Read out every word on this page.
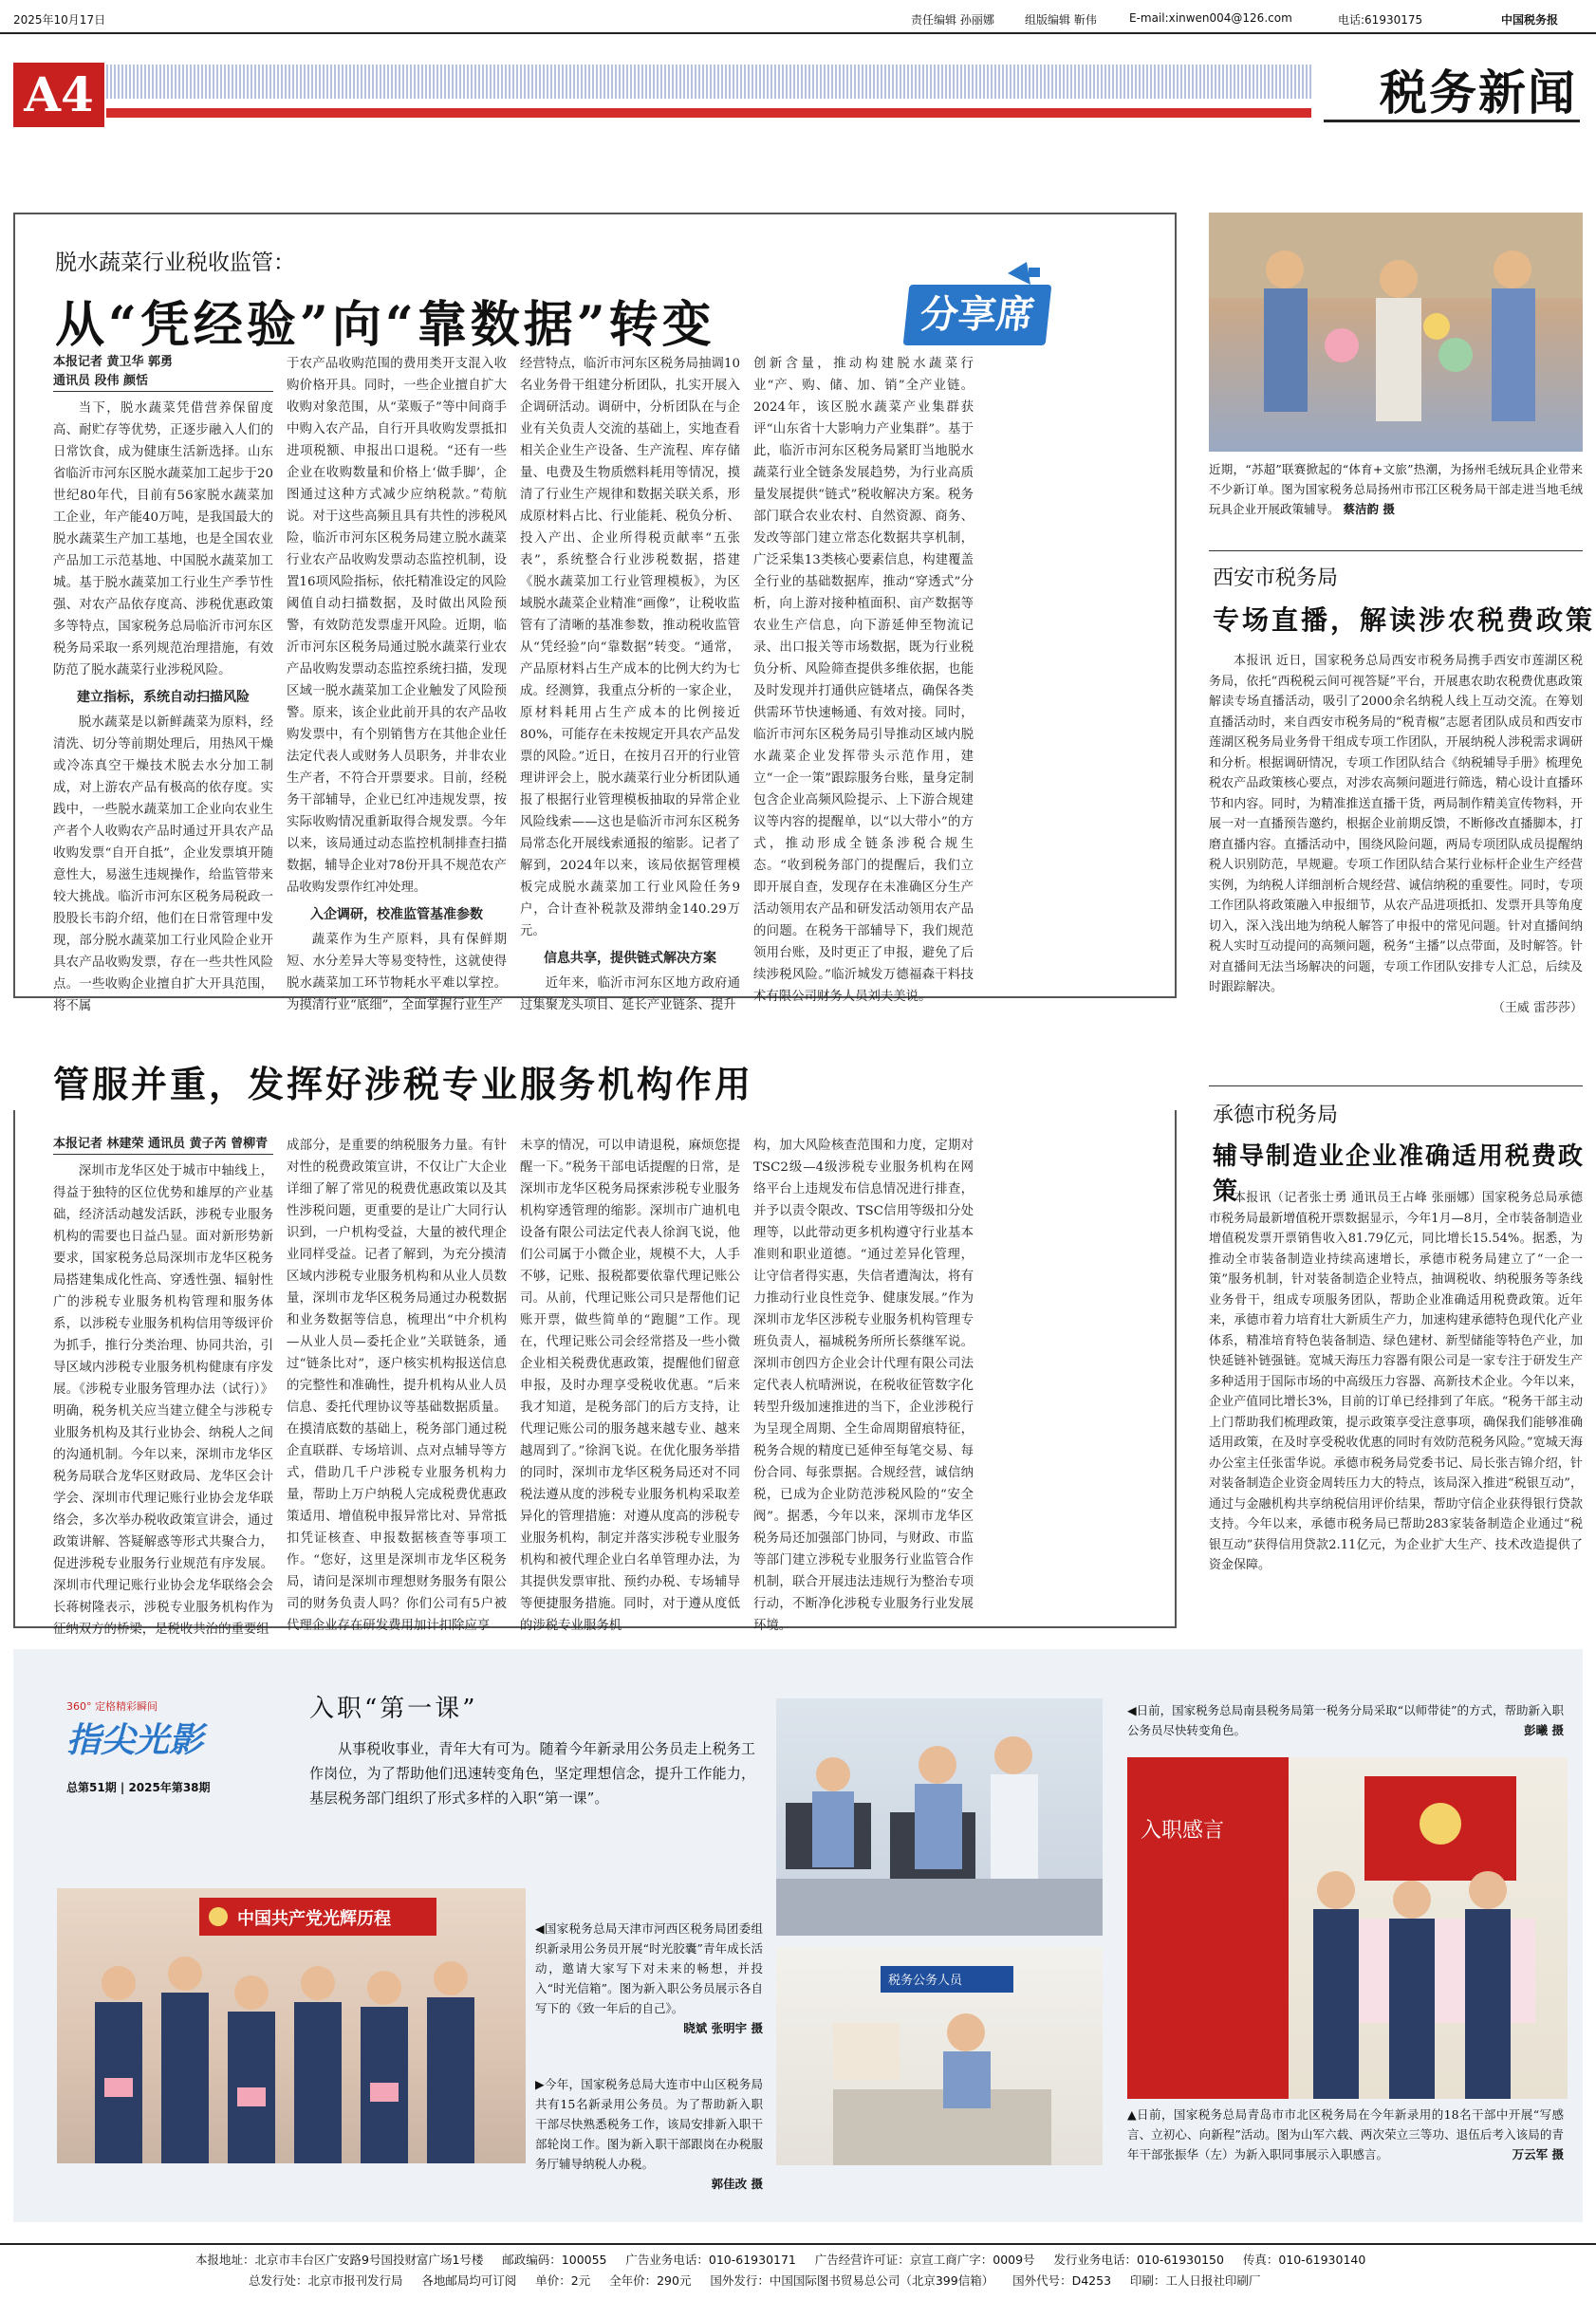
2025年10月17日	责任编辑 孙丽娜	组版编辑 靳伟	E-mail:xinwen004@126.com	电话:61930175	中国税务报
A4	税务新闻
脱水蔬菜行业税收监管：
从“凭经验”向“靠数据”转变	分享席
本报记者 黄卫华 郭勇
通讯员 段伟 颜恬

当下，脱水蔬菜凭借营养保留度高、耐贮存等优势，正逐步融入人们的日常饮食，成为健康生活新选择。山东省临沂市河东区脱水蔬菜加工起步于20世纪80年代，目前有56家脱水蔬菜加工企业，年产能40万吨，是我国最大的脱水蔬菜生产加工基地，也是全国农业产品加工示范基地、中国脱水蔬菜加工城。基于脱水蔬菜加工行业生产季节性强、对农产品依存度高、涉税优惠政策多等特点，国家税务总局临沂市河东区税务局采取一系列规范治理措施，有效防范了脱水蔬菜行业涉税风险。

建立指标，系统自动扫描风险

脱水蔬菜是以新鲜蔬菜为原料，经清洗、切分等前期处理后，用热风干燥或冷冻真空干燥技术脱去水分加工制成，对上游农产品有极高的依存度。实践中，一些脱水蔬菜加工企业向农业生产者个人收购农产品时通过开具农产品收购发票“自开自抵”，企业发票填开随意性大，易滋生违规操作，给监管带来较大挑战。临沂市河东区税务局税政一股股长韦韵介绍，他们在日常管理中发现，部分脱水蔬菜加工行业风险企业开具农产品收购发票，存在一些共性风险点。一些收购企业擅自扩大开具范围，将不属

于农产品收购范围的费用类开支混入收购价格开具。同时，一些企业擅自扩大收购对象范围，从“菜贩子”等中间商手中购入农产品，自行开具收购发票抵扣进项税额、申报出口退税。“还有一些企业在收购数量和价格上‘做手脚’，企图通过这种方式减少应纳税款。”荀航说。对于这些高频且具有共性的涉税风险，临沂市河东区税务局建立脱水蔬菜行业农产品收购发票动态监控机制，设置16项风险指标，依托精准设定的风险阈值自动扫描数据，及时做出风险预警，有效防范发票虚开风险。近期，临沂市河东区税务局通过脱水蔬菜行业农产品收购发票动态监控系统扫描，发现区域一脱水蔬菜加工企业触发了风险预警。原来，该企业此前开具的农产品收购发票中，有个别销售方在其他企业任法定代表人或财务人员职务，并非农业生产者，不符合开票要求。目前，经税务干部辅导，企业已红冲违规发票，按实际收购情况重新取得合规发票。今年以来，该局通过动态监控机制排查扫描数据，辅导企业对78份开具不规范农产品收购发票作红冲处理。

入企调研，校准监管基准参数

蔬菜作为生产原料，具有保鲜期短、水分差异大等易变特性，这就使得脱水蔬菜加工环节物耗水平难以掌控。为摸清行业“底细”，全面掌握行业生产

经营特点，临沂市河东区税务局抽调10名业务骨干组建分析团队，扎实开展入企调研活动。调研中，分析团队在与企业有关负责人交流的基础上，实地查看相关企业生产设备、生产流程、库存储量、电费及生物质燃料耗用等情况，摸清了行业生产规律和数据关联关系，形成原材料占比、行业能耗、税负分析、投入产出、企业所得税贡献率“五张表”，系统整合行业涉税数据，搭建《脱水蔬菜加工行业管理模板》，为区域脱水蔬菜企业精准“画像”，让税收监管有了清晰的基准参数，推动税收监管从“凭经验”向“靠数据”转变。“通常，产品原材料占生产成本的比例大约为七成。经测算，我重点分析的一家企业，原材料耗用占生产成本的比例接近80%，可能存在未按规定开具农产品发票的风险。”近日，在按月召开的行业管理讲评会上，脱水蔬菜行业分析团队通报了根据行业管理模板抽取的异常企业风险线索——这也是临沂市河东区税务局常态化开展线索通报的缩影。记者了解到，2024年以来，该局依据管理模板完成脱水蔬菜加工行业风险任务9户，合计查补税款及滞纳金140.29万元。

信息共享，提供链式解决方案

近年来，临沂市河东区地方政府通过集聚龙头项目、延长产业链条、提升

创新含量，推动构建脱水蔬菜行业“产、购、储、加、销”全产业链。2024年，该区脱水蔬菜产业集群获评“山东省十大影响力产业集群”。基于此，临沂市河东区税务局紧盯当地脱水蔬菜行业全链条发展趋势，为行业高质量发展提供“链式”税收解决方案。税务部门联合农业农村、自然资源、商务、发改等部门建立常态化数据共享机制，广泛采集13类核心要素信息，构建覆盖全行业的基础数据库，推动“穿透式”分析，向上游对接种植面积、亩产数据等农业生产信息，向下游延伸至物流记录、出口报关等市场数据，既为行业税负分析、风险筛查提供多维依据，也能及时发现并打通供应链堵点，确保各类供需环节快速畅通、有效对接。同时，临沂市河东区税务局引导推动区域内脱水蔬菜企业发挥带头示范作用，建立“一企一策”跟踪服务台账，量身定制包含企业高频风险提示、上下游合规建议等内容的提醒单，以“以大带小”的方式，推动形成全链条涉税合规生态。“收到税务部门的提醒后，我们立即开展自查，发现存在未准确区分生产活动领用农产品和研发活动领用农产品的问题。在税务干部辅导下，我们规范领用台账，及时更正了申报，避免了后续涉税风险。”临沂城发万德福森干料技术有限公司财务人员刘夫美说。

管服并重，发挥好涉税专业服务机构作用
本报记者 林建荣 通讯员 黄子芮 曾柳青

深圳市龙华区处于城市中轴线上，得益于独特的区位优势和雄厚的产业基础，经济活动越发活跃，涉税专业服务机构的需要也日益凸显。面对新形势新要求，国家税务总局深圳市龙华区税务局搭建集成化性高、穿透性强、辐射性广的涉税专业服务机构管理和服务体系，以涉税专业服务机构信用等级评价为抓手，推行分类治理、协同共治，引导区域内涉税专业服务机构健康有序发展。《涉税专业服务管理办法（试行）》明确，税务机关应当建立健全与涉税专业服务机构及其行业协会、纳税人之间的沟通机制。今年以来，深圳市龙华区税务局联合龙华区财政局、龙华区会计学会、深圳市代理记账行业协会龙华联络会，多次举办税收政策宣讲会，通过政策讲解、答疑解惑等形式共聚合力，促进涉税专业服务行业规范有序发展。深圳市代理记账行业协会龙华联络会会长蒋树隆表示，涉税专业服务机构作为征纳双方的桥梁，是税收共治的重要组

成部分，是重要的纳税服务力量。有针对性的税费政策宣讲，不仅让广大企业详细了解了常见的税费优惠政策以及其性涉税问题，更重要的是让广大同行认识到，一户机构受益，大量的被代理企业同样受益。记者了解到，为充分摸清区域内涉税专业服务机构和从业人员数量，深圳市龙华区税务局通过办税数据和业务数据等信息，梳理出“中介机构—从业人员—委托企业”关联链条，通过“链条比对”，逐户核实机构报送信息的完整性和准确性，提升机构从业人员信息、委托代理协议等基础数据质量。在摸清底数的基础上，税务部门通过税企直联群、专场培训、点对点辅导等方式，借助几千户涉税专业服务机构力量，帮助上万户纳税人完成税费优惠政策适用、增值税申报异常比对、异常抵扣凭证核查、申报数据核查等事项工作。“您好，这里是深圳市龙华区税务局，请问是深圳市理想财务服务有限公司的财务负责人吗？你们公司有5户被代理企业存在研发费用加计扣除应享

未享的情况，可以申请退税，麻烦您提醒一下。”税务干部电话提醒的日常，是深圳市龙华区税务局探索涉税专业服务机构穿透管理的缩影。深圳市广迪机电设备有限公司法定代表人徐润飞说，他们公司属于小微企业，规模不大，人手不够，记账、报税都要依靠代理记账公司。从前，代理记账公司只是帮他们记账开票，做些简单的“跑腿”工作。现在，代理记账公司会经常搭及一些小微企业相关税费优惠政策，提醒他们留意申报，及时办理享受税收优惠。“后来我才知道，是税务部门的后方支持，让代理记账公司的服务越来越专业、越来越周到了。”徐润飞说。在优化服务举措的同时，深圳市龙华区税务局还对不同税法遵从度的涉税专业服务机构采取差异化的管理措施：对遵从度高的涉税专业服务机构，制定并落实涉税专业服务机构和被代理企业白名单管理办法，为其提供发票审批、预约办税、专场辅导等便捷服务措施。同时，对于遵从度低的涉税专业服务机

构，加大风险核查范围和力度，定期对TSC2级—4级涉税专业服务机构在网络平台上违规发布信息情况进行排查，并予以责令限改、TSC信用等级扣分处理等，以此带动更多机构遵守行业基本准则和职业道德。“通过差异化管理，让守信者得实惠，失信者遭淘汰，将有力推动行业良性竞争、健康发展。”作为深圳市龙华区涉税专业服务机构管理专班负责人，福城税务所所长蔡继军说。深圳市创四方企业会计代理有限公司法定代表人杭晴洲说，在税收征管数字化转型升级加速推进的当下，企业涉税行为呈现全周期、全生命周期留痕特征，税务合规的精度已延伸至每笔交易、每份合同、每张票据。合规经营，诚信纳税，已成为企业防范涉税风险的“安全阀”。据悉，今年以来，深圳市龙华区税务局还加强部门协同，与财政、市监等部门建立涉税专业服务行业监管合作机制，联合开展违法违规行为整治专项行动，不断净化涉税专业服务行业发展环境。

近期，“苏超”联赛掀起的“体育+文旅”热潮，为扬州毛绒玩具企业带来不少新订单。图为国家税务总局扬州市邗江区税务局干部走进当地毛绒玩具企业开展政策辅导。 蔡洁韵 摄
西安市税务局
专场直播，解读涉农税费政策

本报讯 近日，国家税务总局西安市税务局携手西安市莲湖区税务局，依托“西税税云间可视答疑”平台，开展惠农助农税费优惠政策解读专场直播活动，吸引了2000余名纳税人线上互动交流。在筹划直播活动时，来自西安市税务局的“税青椒”志愿者团队成员和西安市莲湖区税务局业务骨干组成专项工作团队，开展纳税人涉税需求调研和分析。根据调研情况，专项工作团队结合《纳税辅导手册》梳理免税农产品政策核心要点，对涉农高频问题进行筛选，精心设计直播环节和内容。同时，为精准推送直播干货，两局制作精美宣传物料，开展一对一直播预告邀约，根据企业前期反馈，不断修改直播脚本，打磨直播内容。直播活动中，围绕风险问题，两局专项团队成员提醒纳税人识别防范，早规避。专项工作团队结合某行业标杆企业生产经营实例，为纳税人详细剖析合规经营、诚信纳税的重要性。同时，专项工作团队将政策融入申报细节，从农产品进项抵扣、发票开具等角度切入，深入浅出地为纳税人解答了申报中的常见问题。针对直播间纳税人实时互动提问的高频问题，税务“主播”以点带面，及时解答。针对直播间无法当场解决的问题，专项工作团队安排专人汇总，后续及时跟踪解决。

（王威 雷莎莎）
承德市税务局
辅导制造业企业准确适用税费政策

本报讯（记者张士勇 通讯员王占峰 张丽娜）国家税务总局承德市税务局最新增值税开票数据显示，今年1月—8月，全市装备制造业增值税发票开票销售收入81.79亿元，同比增长15.54%。据悉，为推动全市装备制造业持续高速增长，承德市税务局建立了“一企一策”服务机制，针对装备制造企业特点，抽调税收、纳税服务等条线业务骨干，组成专项服务团队，帮助企业准确适用税费政策。近年来，承德市着力培育壮大新质生产力，加速构建承德特色现代化产业体系，精准培育特色装备制造、绿色建材、新型储能等特色产业，加快延链补链强链。宽城天海压力容器有限公司是一家专注于研发生产多种适用于国际市场的中高级压力容器、高新技术企业。今年以来，企业产值同比增长3%，目前的订单已经排到了年底。“税务干部主动上门帮助我们梳理政策，提示政策享受注意事项，确保我们能够准确适用政策，在及时享受税收优惠的同时有效防范税务风险。”宽城天海办公室主任张雷华说。承德市税务局党委书记、局长张吉锦介绍，针对装备制造企业资金周转压力大的特点，该局深入推进“税银互动”，通过与金融机构共享纳税信用评价结果，帮助守信企业获得银行贷款支持。今年以来，承德市税务局已帮助283家装备制造企业通过“税银互动”获得信用贷款2.11亿元，为企业扩大生产、技术改造提供了资金保障。

360° 定格精彩瞬间
指尖光影
总第51期 | 2025年第38期
入职“第一课”
从事税收事业，青年大有可为。随着今年新录用公务员走上税务工作岗位，为了帮助他们迅速转变角色，坚定理想信念，提升工作能力，基层税务部门组织了形式多样的入职“第一课”。
中国共产党光辉历程	◀国家税务总局天津市河西区税务局团委组织新录用公务员开展“时光胶囊”青年成长活动，邀请大家写下对未来的畅想，并投入“时光信箱”。图为新入职公务员展示各自写下的《致一年后的自己》。
晓斌 张明宇 摄
▶今年，国家税务总局大连市中山区税务局共有15名新录用公务员。为了帮助新入职干部尽快熟悉税务工作，该局安排新入职干部轮岗工作。图为新入职干部跟岗在办税服务厅辅导纳税人办税。
郭佳改 摄
税务公务人员
◀日前，国家税务总局南县税务局第一税务分局采取“以师带徒”的方式，帮助新入职公务员尽快转变角色。	彭曦 摄
入职感言
▲日前，国家税务总局青岛市市北区税务局在今年新录用的18名干部中开展“写感言、立初心、向新程”活动。图为山军六载、两次荣立三等功、退伍后考入该局的青年干部张振华（左）为新入职同事展示入职感言。	万云军 摄
本报地址：北京市丰台区广安路9号国投财富广场1号楼 邮政编码：100055 广告业务电话：010-61930171 广告经营许可证：京宣工商广字：0009号 发行业务电话：010-61930150 传真：010-61930140
总发行处：北京市报刊发行局 各地邮局均可订阅 单价：2元 全年价：290元 国外发行：中国国际图书贸易总公司（北京399信箱） 国外代号：D4253 印刷：工人日报社印刷厂
